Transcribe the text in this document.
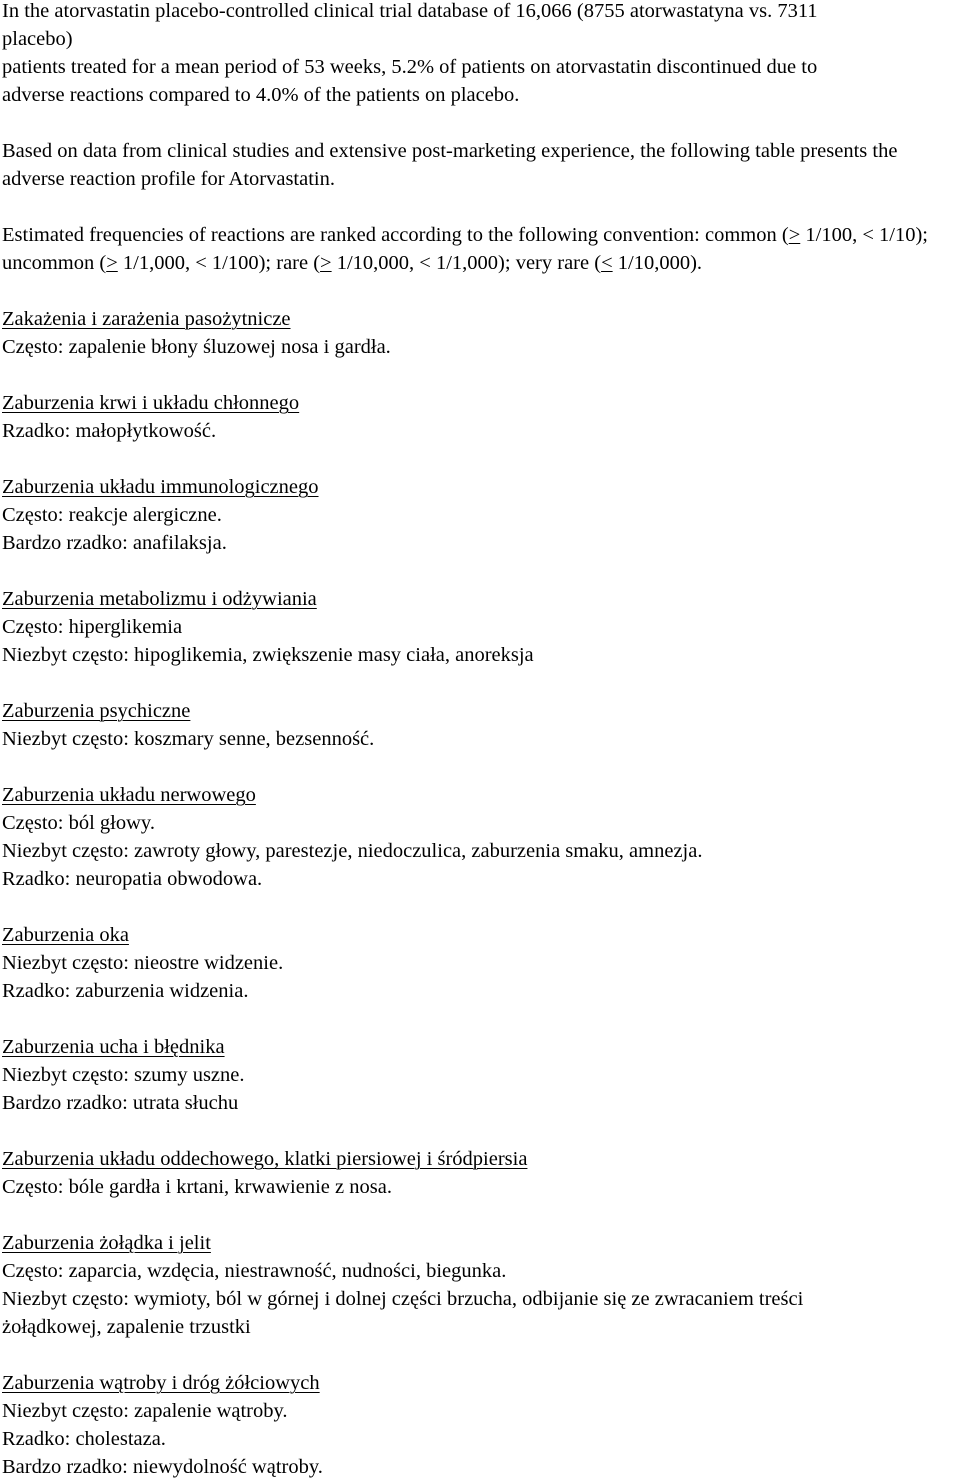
In the atorvastatin placebo-controlled clinical trial database of 16,066 (8755 atorwastatyna vs. 7311
placebo)
patients treated for a mean period of 53 weeks, 5.2% of patients on atorvastatin discontinued due to
adverse reactions compared to 4.0% of the patients on placebo.
Based on data from clinical studies and extensive post-marketing experience, the following table presents the adverse reaction profile for Atorvastatin.
Estimated frequencies of reactions are ranked according to the following convention: common (≥ 1/100, < 1/10); uncommon (≥ 1/1,000, < 1/100); rare (≥ 1/10,000, < 1/1,000); very rare (≤ 1/10,000).
Zakażenia i zarażenia pasożytnicze
Często: zapalenie błony śluzowej nosa i gardła.
Zaburzenia krwi i układu chłonnego
Rzadko: małopłytkowość.
Zaburzenia układu immunologicznego
Często: reakcje alergiczne.
Bardzo rzadko: anafilaksja.
Zaburzenia metabolizmu i odżywiania
Często: hiperglikemia
Niezbyt często: hipoglikemia, zwiększenie masy ciała, anoreksja
Zaburzenia psychiczne
Niezbyt często: koszmary senne, bezsenność.
Zaburzenia układu nerwowego
Często: ból głowy.
Niezbyt często: zawroty głowy, parestezje, niedoczulica, zaburzenia smaku, amnezja.
Rzadko: neuropatia obwodowa.
Zaburzenia oka
Niezbyt często: nieostre widzenie.
Rzadko: zaburzenia widzenia.
Zaburzenia ucha i błędnika
Niezbyt często: szumy uszne.
Bardzo rzadko: utrata słuchu
Zaburzenia układu oddechowego, klatki piersiowej i śródpiersia
Często: bóle gardła i krtani, krwawienie z nosa.
Zaburzenia żołądka i jelit
Często: zaparcia, wzdęcia, niestrawność, nudności, biegunka.
Niezbyt często: wymioty, ból w górnej i dolnej części brzucha, odbijanie się ze zwracaniem treści
żołądkowej, zapalenie trzustki
Zaburzenia wątroby i dróg żółciowych
Niezbyt często: zapalenie wątroby.
Rzadko: cholestaza.
Bardzo rzadko: niewydolność wątroby.
